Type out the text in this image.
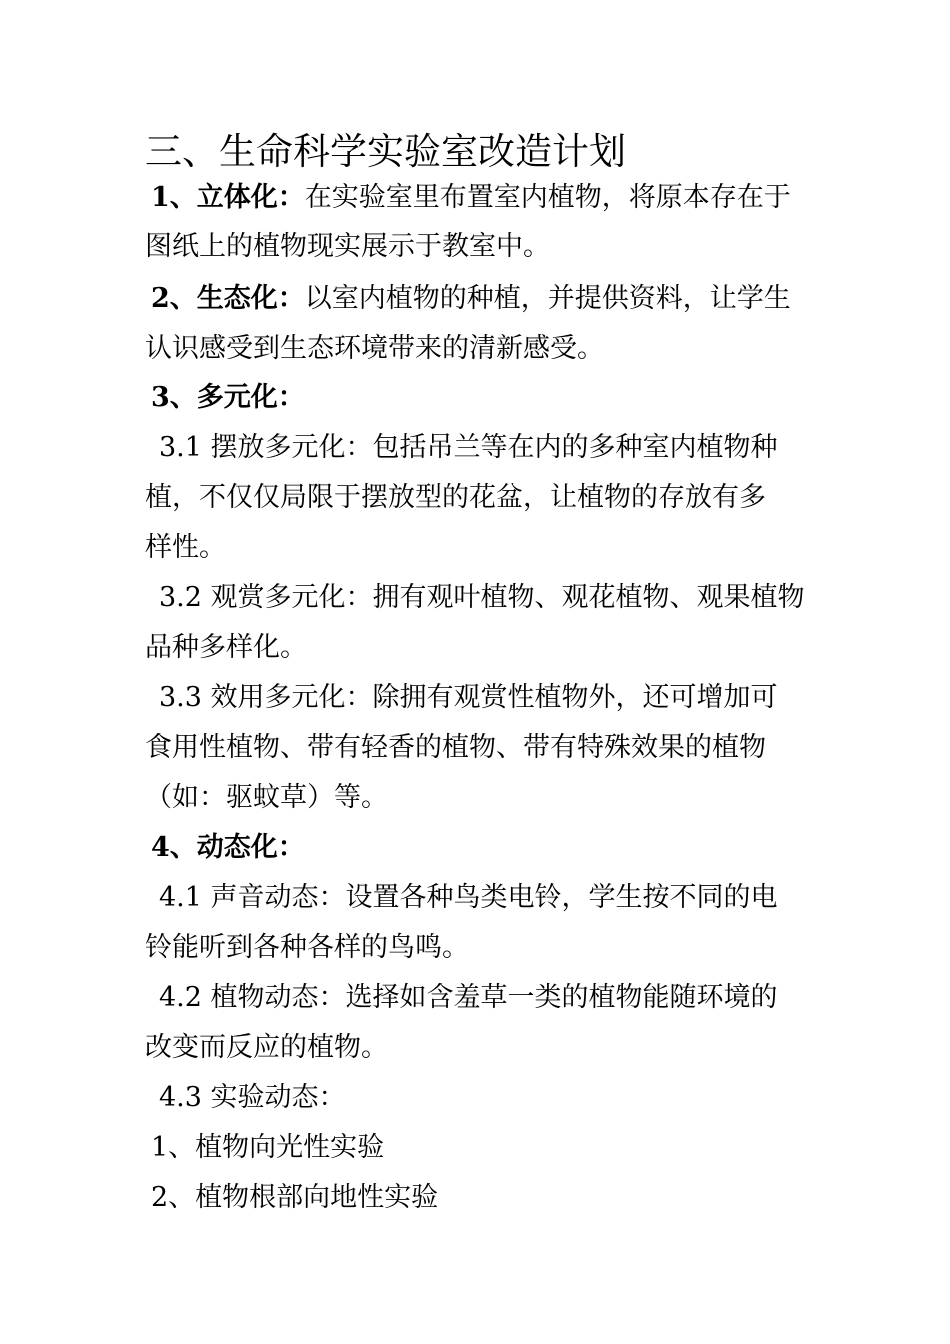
三、生命科学实验室改造计划
1、立体化：在实验室里布置室内植物，将原本存在于
图纸上的植物现实展示于教室中。
2、生态化：以室内植物的种植，并提供资料，让学生
认识感受到生态环境带来的清新感受。
3、多元化：
3.1 摆放多元化：包括吊兰等在内的多种室内植物种
植，不仅仅局限于摆放型的花盆，让植物的存放有多
样性。
3.2 观赏多元化：拥有观叶植物、观花植物、观果植物
品种多样化。
3.3 效用多元化：除拥有观赏性植物外，还可增加可
食用性植物、带有轻香的植物、带有特殊效果的植物
（如：驱蚊草）等。
4、动态化：
4.1 声音动态：设置各种鸟类电铃，学生按不同的电
铃能听到各种各样的鸟鸣。
4.2 植物动态：选择如含羞草一类的植物能随环境的
改变而反应的植物。
4.3 实验动态：
1、植物向光性实验
2、植物根部向地性实验
